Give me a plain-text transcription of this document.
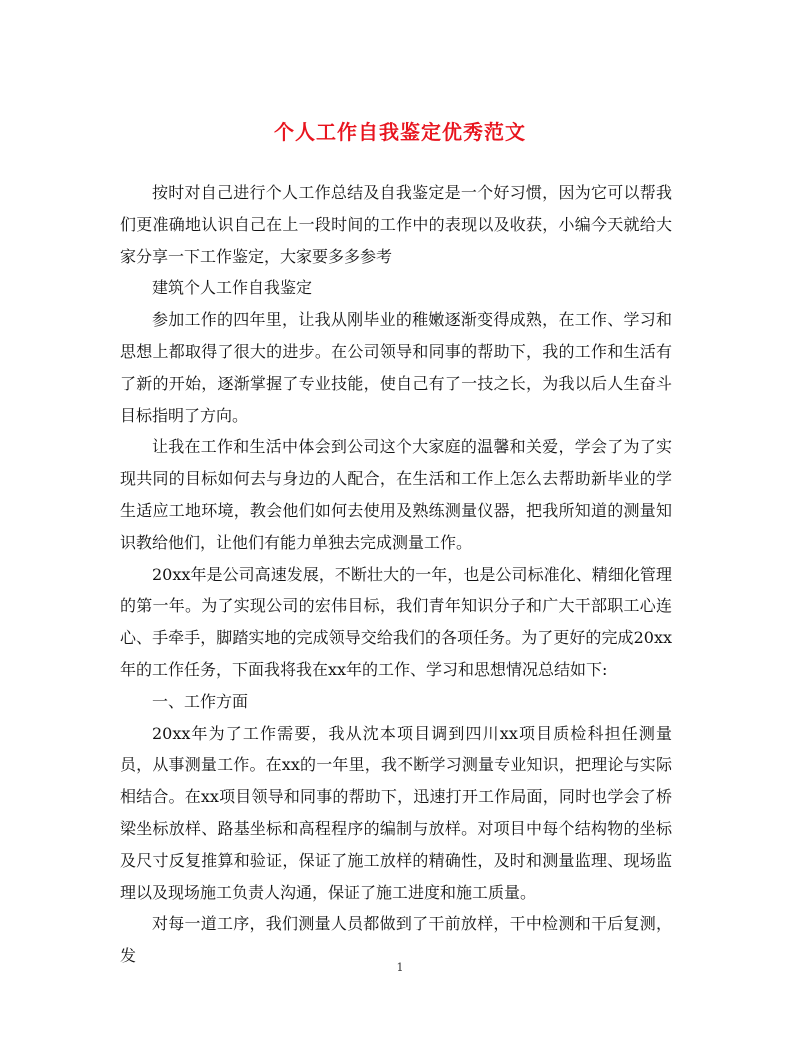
个人工作自我鉴定优秀范文

按时对自己进行个人工作总结及自我鉴定是一个好习惯，因为它可以帮我们更准确地认识自己在上一段时间的工作中的表现以及收获，小编今天就给大家分享一下工作鉴定，大家要多多参考

建筑个人工作自我鉴定

参加工作的四年里，让我从刚毕业的稚嫩逐渐变得成熟，在工作、学习和思想上都取得了很大的进步。在公司领导和同事的帮助下，我的工作和生活有了新的开始，逐渐掌握了专业技能，使自己有了一技之长，为我以后人生奋斗目标指明了方向。

让我在工作和生活中体会到公司这个大家庭的温馨和关爱，学会了为了实现共同的目标如何去与身边的人配合，在生活和工作上怎么去帮助新毕业的学生适应工地环境，教会他们如何去使用及熟练测量仪器，把我所知道的测量知识教给他们，让他们有能力单独去完成测量工作。

20xx年是公司高速发展，不断壮大的一年，也是公司标准化、精细化管理的第一年。为了实现公司的宏伟目标，我们青年知识分子和广大干部职工心连心、手牵手，脚踏实地的完成领导交给我们的各项任务。为了更好的完成20xx年的工作任务，下面我将我在xx年的工作、学习和思想情况总结如下:

一、工作方面

20xx年为了工作需要，我从沈本项目调到四川xx项目质检科担任测量员，从事测量工作。在xx的一年里，我不断学习测量专业知识，把理论与实际相结合。在xx项目领导和同事的帮助下，迅速打开工作局面，同时也学会了桥梁坐标放样、路基坐标和高程程序的编制与放样。对项目中每个结构物的坐标及尺寸反复推算和验证，保证了施工放样的精确性，及时和测量监理、现场监理以及现场施工负责人沟通，保证了施工进度和施工质量。

对每一道工序，我们测量人员都做到了干前放样，干中检测和干后复测，发

1
